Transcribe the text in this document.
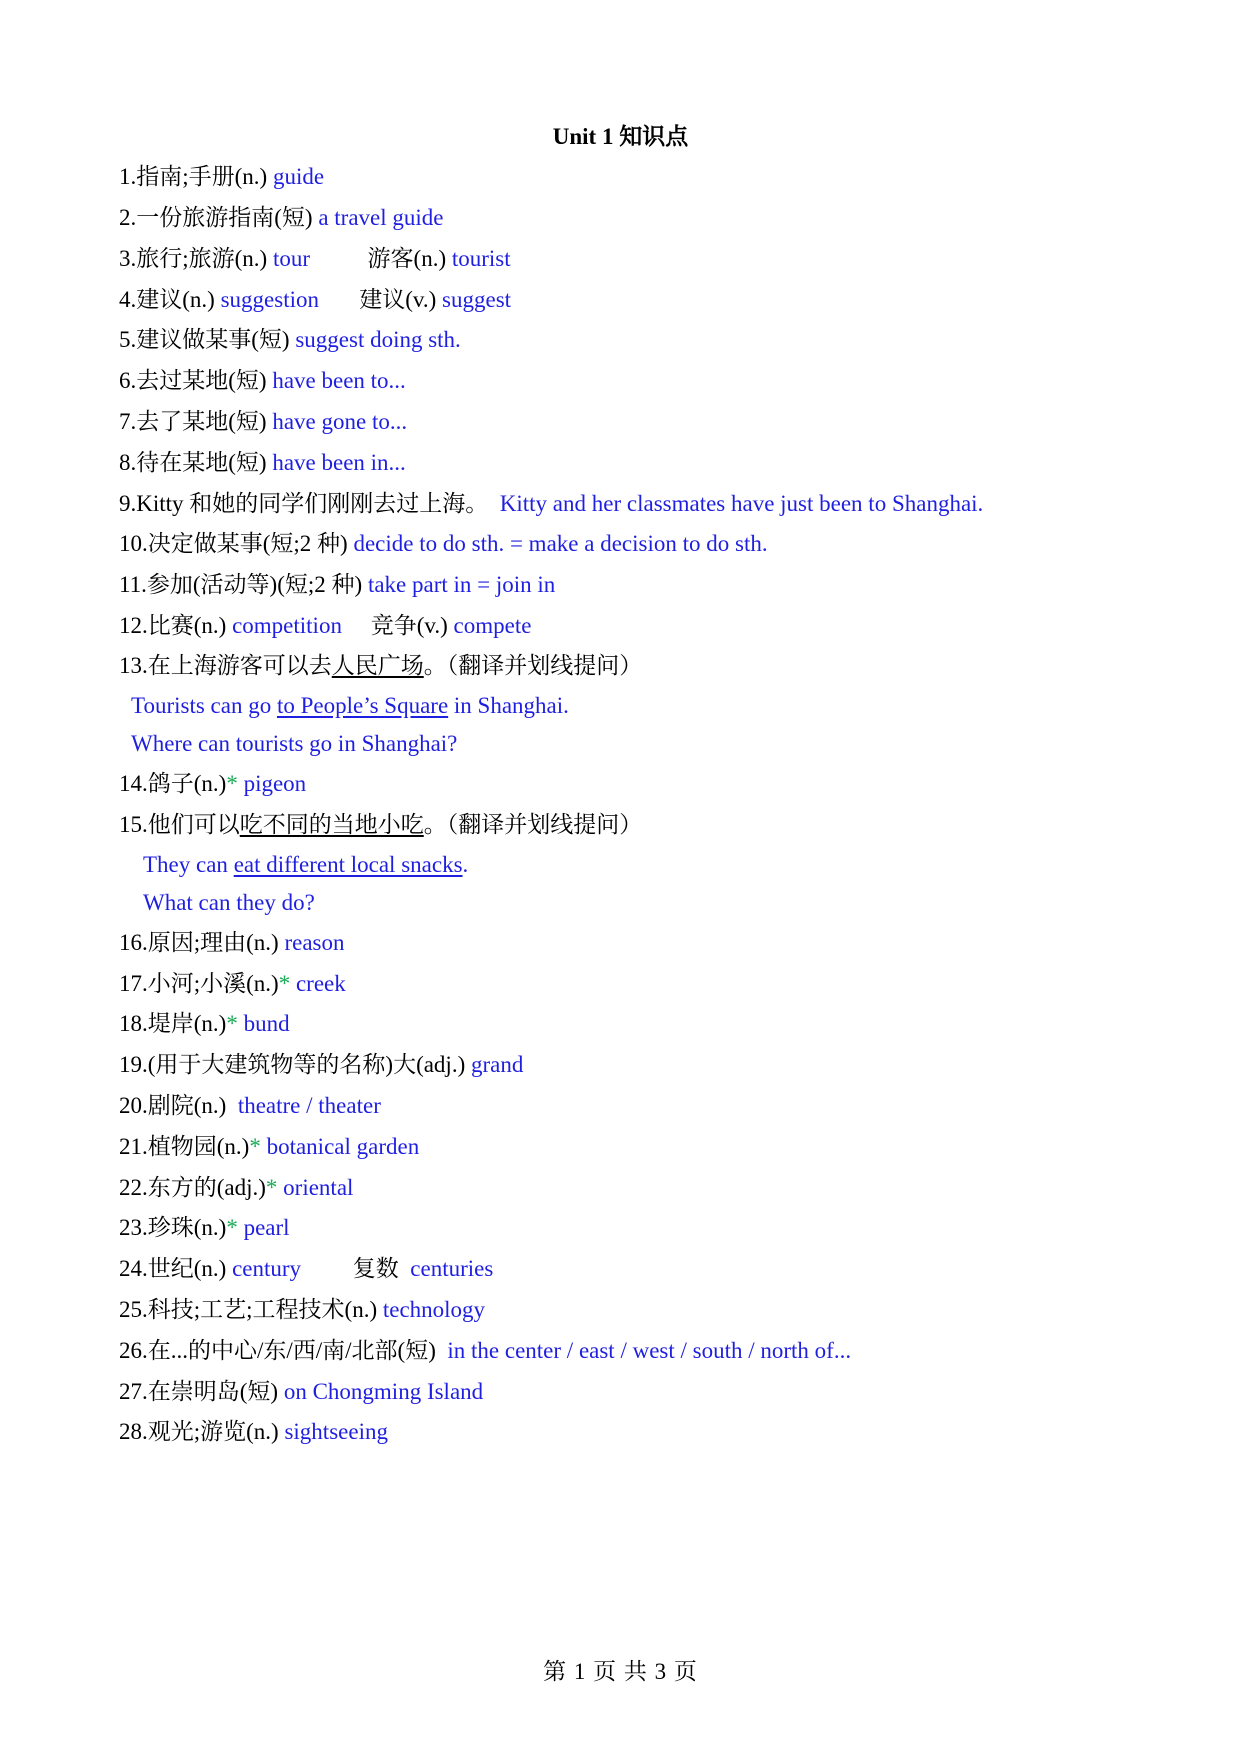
Unit 1 知识点
1.指南;手册(n.) guide
2.一份旅游指南(短) a travel guide
3.旅行;旅游(n.) tour          游客(n.) tourist
4.建议(n.) suggestion       建议(v.) suggest
5.建议做某事(短) suggest doing sth.
6.去过某地(短) have been to...
7.去了某地(短) have gone to...
8.待在某地(短) have been in...
9.Kitty 和她的同学们刚刚去过上海。  Kitty and her classmates have just been to Shanghai.
10.决定做某事(短;2 种) decide to do sth. = make a decision to do sth.
11.参加(活动等)(短;2 种) take part in = join in
12.比赛(n.) competition     竞争(v.) compete
13.在上海游客可以去人民广场。（翻译并划线提问）
Tourists can go to People’s Square in Shanghai.
Where can tourists go in Shanghai?
14.鸽子(n.)* pigeon
15.他们可以吃不同的当地小吃。（翻译并划线提问）
They can eat different local snacks.
What can they do?
16.原因;理由(n.) reason
17.小河;小溪(n.)* creek
18.堤岸(n.)* bund
19.(用于大建筑物等的名称)大(adj.) grand
20.剧院(n.)  theatre / theater
21.植物园(n.)* botanical garden
22.东方的(adj.)* oriental
23.珍珠(n.)* pearl
24.世纪(n.) century         复数  centuries
25.科技;工艺;工程技术(n.) technology
26.在...的中心/东/西/南/北部(短)  in the center / east / west / south / north of...
27.在崇明岛(短) on Chongming Island
28.观光;游览(n.) sightseeing
第 1 页 共 3 页
